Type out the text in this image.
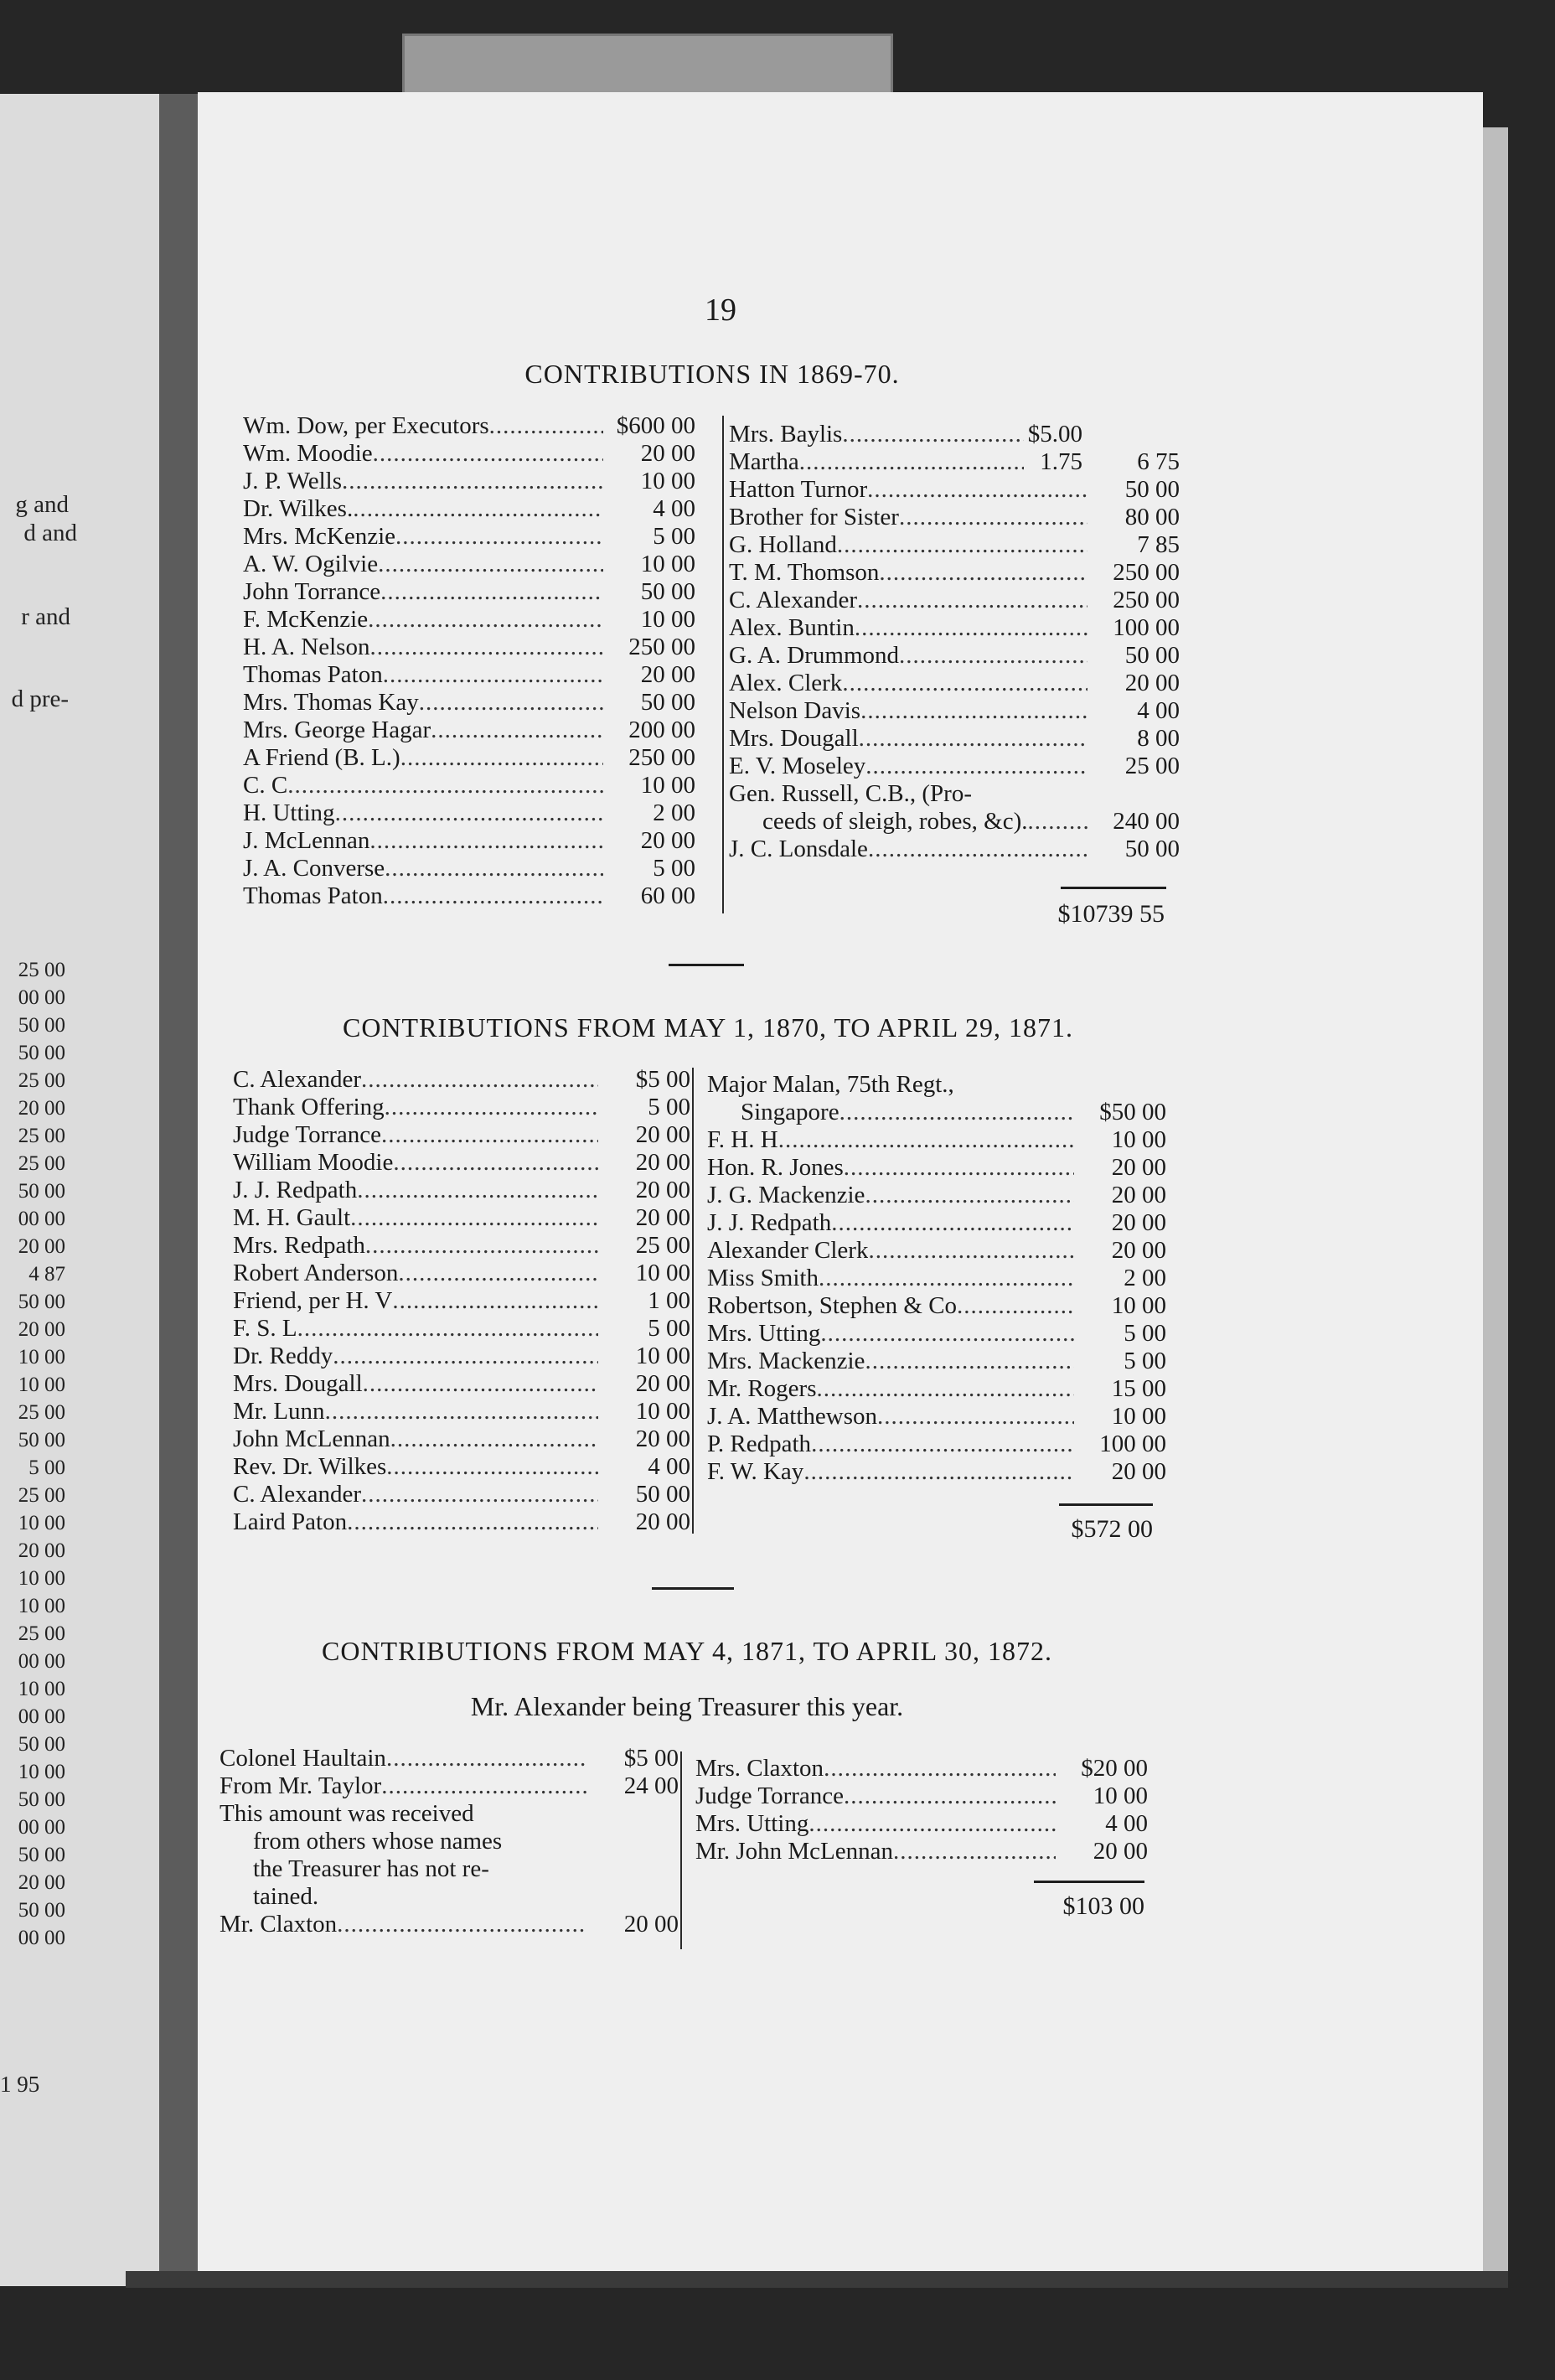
g and
d and
r and
d pre-
25 00
00 00
50 00
50 00
25 00
20 00
25 00
25 00
50 00
00 00
20 00
4 87
50 00
20 00
10 00
10 00
25 00
50 00
5 00
25 00
10 00
20 00
10 00
10 00
25 00
00 00
10 00
00 00
50 00
10 00
50 00
00 00
50 00
20 00
50 00
00 00
1 95
19
CONTRIBUTIONS IN 1869-70.
Wm. Dow, per Executors .....	$600 00
Wm. Moodie .....	20 00
J. P. Wells .....	10 00
Dr. Wilkes. .....	4 00
Mrs. McKenzie .....	5 00
A. W. Ogilvie .....	10 00
John Torrance .....	50 00
F. McKenzie .....	10 00
H. A. Nelson .....	250 00
Thomas Paton .....	20 00
Mrs. Thomas Kay .....	50 00
Mrs. George Hagar .....	200 00
A Friend (B. L.) .....	250 00
C. C .....	10 00
H. Utting .....	2 00
J. McLennan .....	20 00
J. A. Converse .....	5 00
Thomas Paton .....	60 00
Mrs. Baylis .....	$5.00
Martha .....	1.75	6 75
Hatton Turnor .....	50 00
Brother for Sister .....	80 00
G. Holland .....	7 85
T. M. Thomson .....	250 00
C. Alexander .....	250 00
Alex. Buntin .....	100 00
G. A. Drummond .....	50 00
Alex. Clerk .....	20 00
Nelson Davis .....	4 00
Mrs. Dougall .....	8 00
E. V. Moseley .....	25 00
Gen. Russell, C.B., (Pro-
ceeds of sleigh, robes, &c). .....	240 00
J. C. Lonsdale .....	50 00
$10739 55
CONTRIBUTIONS FROM MAY 1, 1870, TO APRIL 29, 1871.
C. Alexander .....	$5 00
Thank Offering .....	5 00
Judge Torrance .....	20 00
William Moodie .....	20 00
J. J. Redpath .....	20 00
M. H. Gault .....	20 00
Mrs. Redpath .....	25 00
Robert Anderson .....	10 00
Friend, per H. V .....	1 00
F. S. L .....	5 00
Dr. Reddy .....	10 00
Mrs. Dougall .....	20 00
Mr. Lunn .....	10 00
John McLennan .....	20 00
Rev. Dr. Wilkes .....	4 00
C. Alexander .....	50 00
Laird Paton .....	20 00
Major Malan, 75th Regt.,
Singapore .....	$50 00
F. H. H .....	10 00
Hon. R. Jones .....	20 00
J. G. Mackenzie .....	20 00
J. J. Redpath .....	20 00
Alexander Clerk .....	20 00
Miss Smith .....	2 00
Robertson, Stephen & Co .....	10 00
Mrs. Utting .....	5 00
Mrs. Mackenzie .....	5 00
Mr. Rogers .....	15 00
J. A. Matthewson .....	10 00
P. Redpath .....	100 00
F. W. Kay .....	20 00
$572 00
CONTRIBUTIONS FROM MAY 4, 1871, TO APRIL 30, 1872.
Mr. Alexander being Treasurer this year.
Colonel Haultain .....	$5 00
From Mr. Taylor .....	24 00
This amount was received
from others whose names
the Treasurer has not re-
tained.
Mr. Claxton .....	20 00
Mrs. Claxton .....	$20 00
Judge Torrance .....	10 00
Mrs. Utting .....	4 00
Mr. John McLennan .....	20 00
$103 00
